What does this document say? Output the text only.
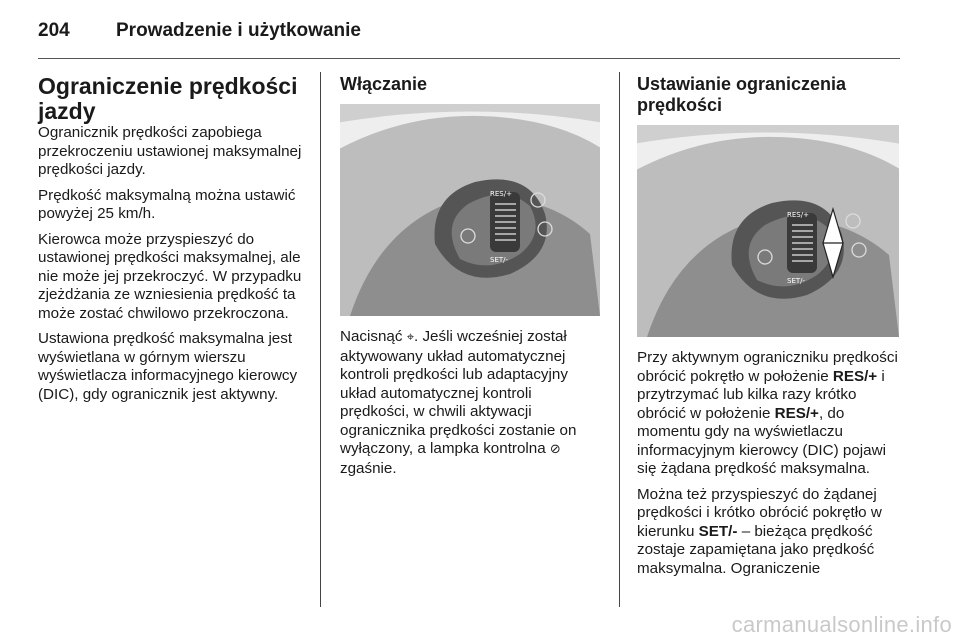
204 Prowadzenie i użytkowanie
Ograniczenie prędkości jazdy

Ogranicznik prędkości zapobiega przekroczeniu ustawionej maksymalnej prędkości jazdy.

Prędkość maksymalną można ustawić powyżej 25 km/h.

Kierowca może przyspieszyć do ustawionej prędkości maksymalnej, ale nie może jej przekroczyć. W przypadku zjeżdżania ze wzniesienia prędkość ta może zostać chwilowo przekroczona.

Ustawiona prędkość maksymalna jest wyświetlana w górnym wierszu wyświetlacza informacyjnego kierowcy (DIC), gdy ogranicznik jest aktywny.

Włączanie
RES/+
SET/-

Nacisnąć ⌖. Jeśli wcześniej został aktywowany układ automatycznej kontroli prędkości lub adaptacyjny układ automatycznej kontroli prędkości, w chwili aktywacji ogranicznika prędkości zostanie on wyłączony, a lampka kontrolna ⊘ zgaśnie.

Ustawianie ograniczenia prędkości
RES/+
SET/-

Przy aktywnym ograniczniku prędkości obrócić pokrętło w położenie RES/+ i przytrzymać lub kilka razy krótko obrócić w położenie RES/+, do momentu gdy na wyświetlaczu informacyjnym kierowcy (DIC) pojawi się żądana prędkość maksymalna.

Można też przyspieszyć do żądanej prędkości i krótko obrócić pokrętło w kierunku SET/- – bieżąca prędkość zostaje zapamiętana jako prędkość maksymalna. Ograniczenie

carmanualsonline.info
